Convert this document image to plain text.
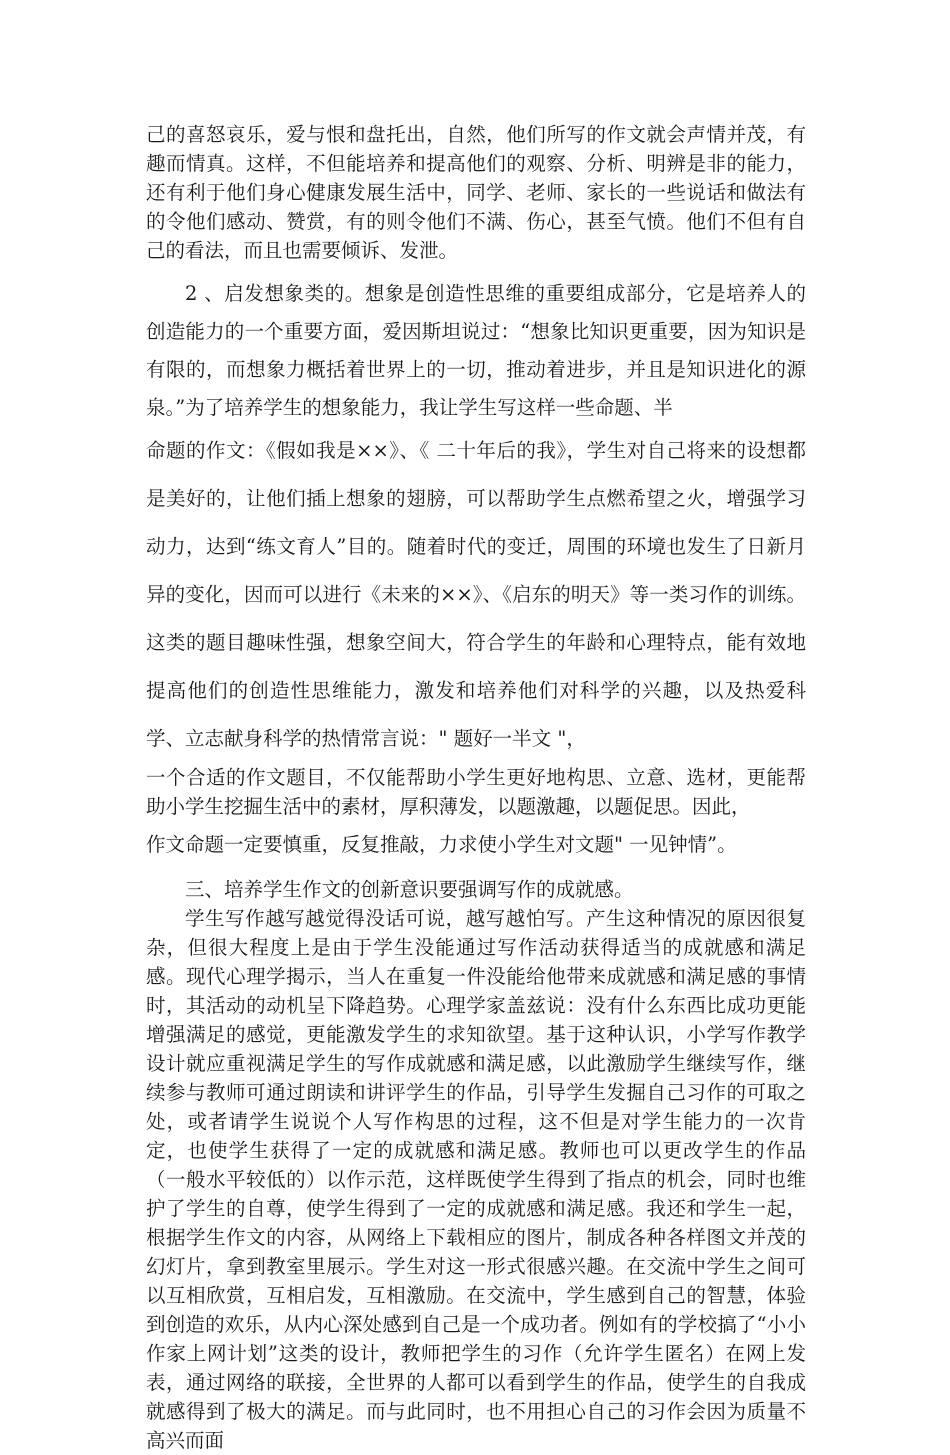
己的喜怒哀乐，爱与恨和盘托出，自然，他们所写的作文就会声情并茂，有趣而情真。这样，不但能培养和提高他们的观察、分析、明辨是非的能力，还有利于他们身心健康发展生活中，同学、老师、家长的一些说话和做法有的令他们感动、赞赏，有的则令他们不满、伤心，甚至气愤。他们不但有自己的看法，而且也需要倾诉、发泄。

2 、启发想象类的。想象是创造性思维的重要组成部分，它是培养人的创造能力的一个重要方面，爱因斯坦说过：“想象比知识更重要，因为知识是有限的，而想象力概括着世界上的一切，推动着进步，并且是知识进化的源泉。”为了培养学生的想象能力，我让学生写这样一些命题、半

命题的作文：《假如我是××》、《 二十年后的我》，学生对自己将来的设想都是美好的，让他们插上想象的翅膀，可以帮助学生点燃希望之火，增强学习动力，达到“练文育人”目的。随着时代的变迁，周围的环境也发生了日新月异的变化，因而可以进行《未来的××》、《启东的明天》等一类习作的训练。这类的题目趣味性强，想象空间大，符合学生的年龄和心理特点，能有效地提高他们的创造性思维能力，激发和培养他们对科学的兴趣，以及热爱科学、立志献身科学的热情常言说：" 题好一半文 "，

一个合适的作文题目，不仅能帮助小学生更好地构思、立意、选材，更能帮助小学生挖掘生活中的素材，厚积薄发，以题激趣，以题促思。因此，

作文命题一定要慎重，反复推敲，力求使小学生对文题" 一见钟情”。

三、培养学生作文的创新意识要强调写作的成就感。

学生写作越写越觉得没话可说，越写越怕写。产生这种情况的原因很复杂，但很大程度上是由于学生没能通过写作活动获得适当的成就感和满足感。现代心理学揭示，当人在重复一件没能给他带来成就感和满足感的事情时，其活动的动机呈下降趋势。心理学家盖兹说：没有什么东西比成功更能增强满足的感觉，更能激发学生的求知欲望。基于这种认识，小学写作教学设计就应重视满足学生的写作成就感和满足感，以此激励学生继续写作，继续参与教师可通过朗读和讲评学生的作品，引导学生发掘自己习作的可取之处，或者请学生说说个人写作构思的过程，这不但是对学生能力的一次肯定，也使学生获得了一定的成就感和满足感。教师也可以更改学生的作品（一般水平较低的）以作示范，这样既使学生得到了指点的机会，同时也维护了学生的自尊，使学生得到了一定的成就感和满足感。我还和学生一起，根据学生作文的内容，从网络上下载相应的图片，制成各种各样图文并茂的幻灯片，拿到教室里展示。学生对这一形式很感兴趣。在交流中学生之间可以互相欣赏，互相启发，互相激励。在交流中，学生感到自己的智慧，体验到创造的欢乐，从内心深处感到自己是一个成功者。例如有的学校搞了“小小作家上网计划”这类的设计，教师把学生的习作（允许学生匿名）在网上发表，通过网络的联接，全世界的人都可以看到学生的作品，使学生的自我成就感得到了极大的满足。而与此同时，也不用担心自己的习作会因为质量不高兴而面
